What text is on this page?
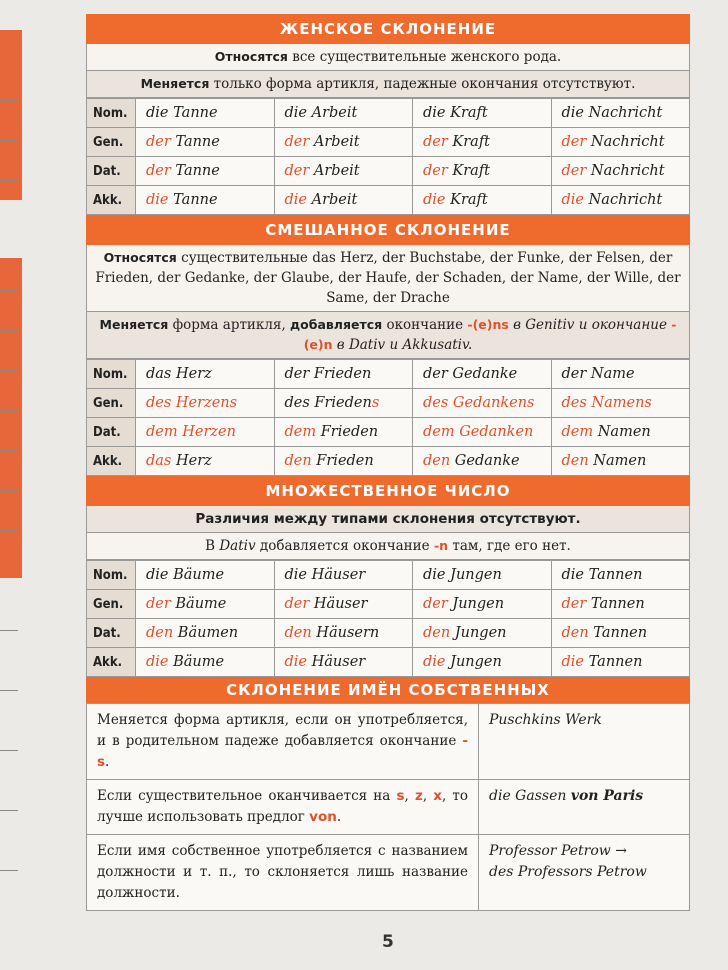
ЖЕНСКОЕ СКЛОНЕНИЕ
Относятся все существительные женского рода.
Меняется только форма артикля, падежные окончания отсутствуют.
Nom.	die Tanne	die Arbeit	die Kraft	die Nachricht
Gen.	der Tanne	der Arbeit	der Kraft	der Nachricht
Dat.	der Tanne	der Arbeit	der Kraft	der Nachricht
Akk.	die Tanne	die Arbeit	die Kraft	die Nachricht
СМЕШАННОЕ СКЛОНЕНИЕ
Относятся существительные das Herz, der Buchstabe, der Funke, der Felsen, der Frieden, der Gedanke, der Glaube, der Haufe, der Schaden, der Name, der Wille, der Same, der Drache
Меняется форма артикля, добавляется окончание -(e)ns в Genitiv и окончание -(e)n в Dativ и Akkusativ.
Nom.	das Herz	der Frieden	der Gedanke	der Name
Gen.	des Herzens	des Friedens	des Gedankens	des Namens
Dat.	dem Herzen	dem Frieden	dem Gedanken	dem Namen
Akk.	das Herz	den Frieden	den Gedanke	den Namen
МНОЖЕСТВЕННОЕ ЧИСЛО
Различия между типами склонения отсутствуют.
В Dativ добавляется окончание -n там, где его нет.
Nom.	die Bäume	die Häuser	die Jungen	die Tannen
Gen.	der Bäume	der Häuser	der Jungen	der Tannen
Dat.	den Bäumen	den Häusern	den Jungen	den Tannen
Akk.	die Bäume	die Häuser	die Jungen	die Tannen
СКЛОНЕНИЕ ИМЁН СОБСТВЕННЫХ
Меняется форма артикля, если он употребляется, и в родительном падеже добавляется окончание -s.	Puschkins Werk
Если существительное оканчивается на s, z, x, то лучше использовать предлог von.	die Gassen von Paris
Если имя собственное употребляется с названием должности и т. п., то склоняется лишь название должности.	Professor Petrow →
des Professors Petrow
5
